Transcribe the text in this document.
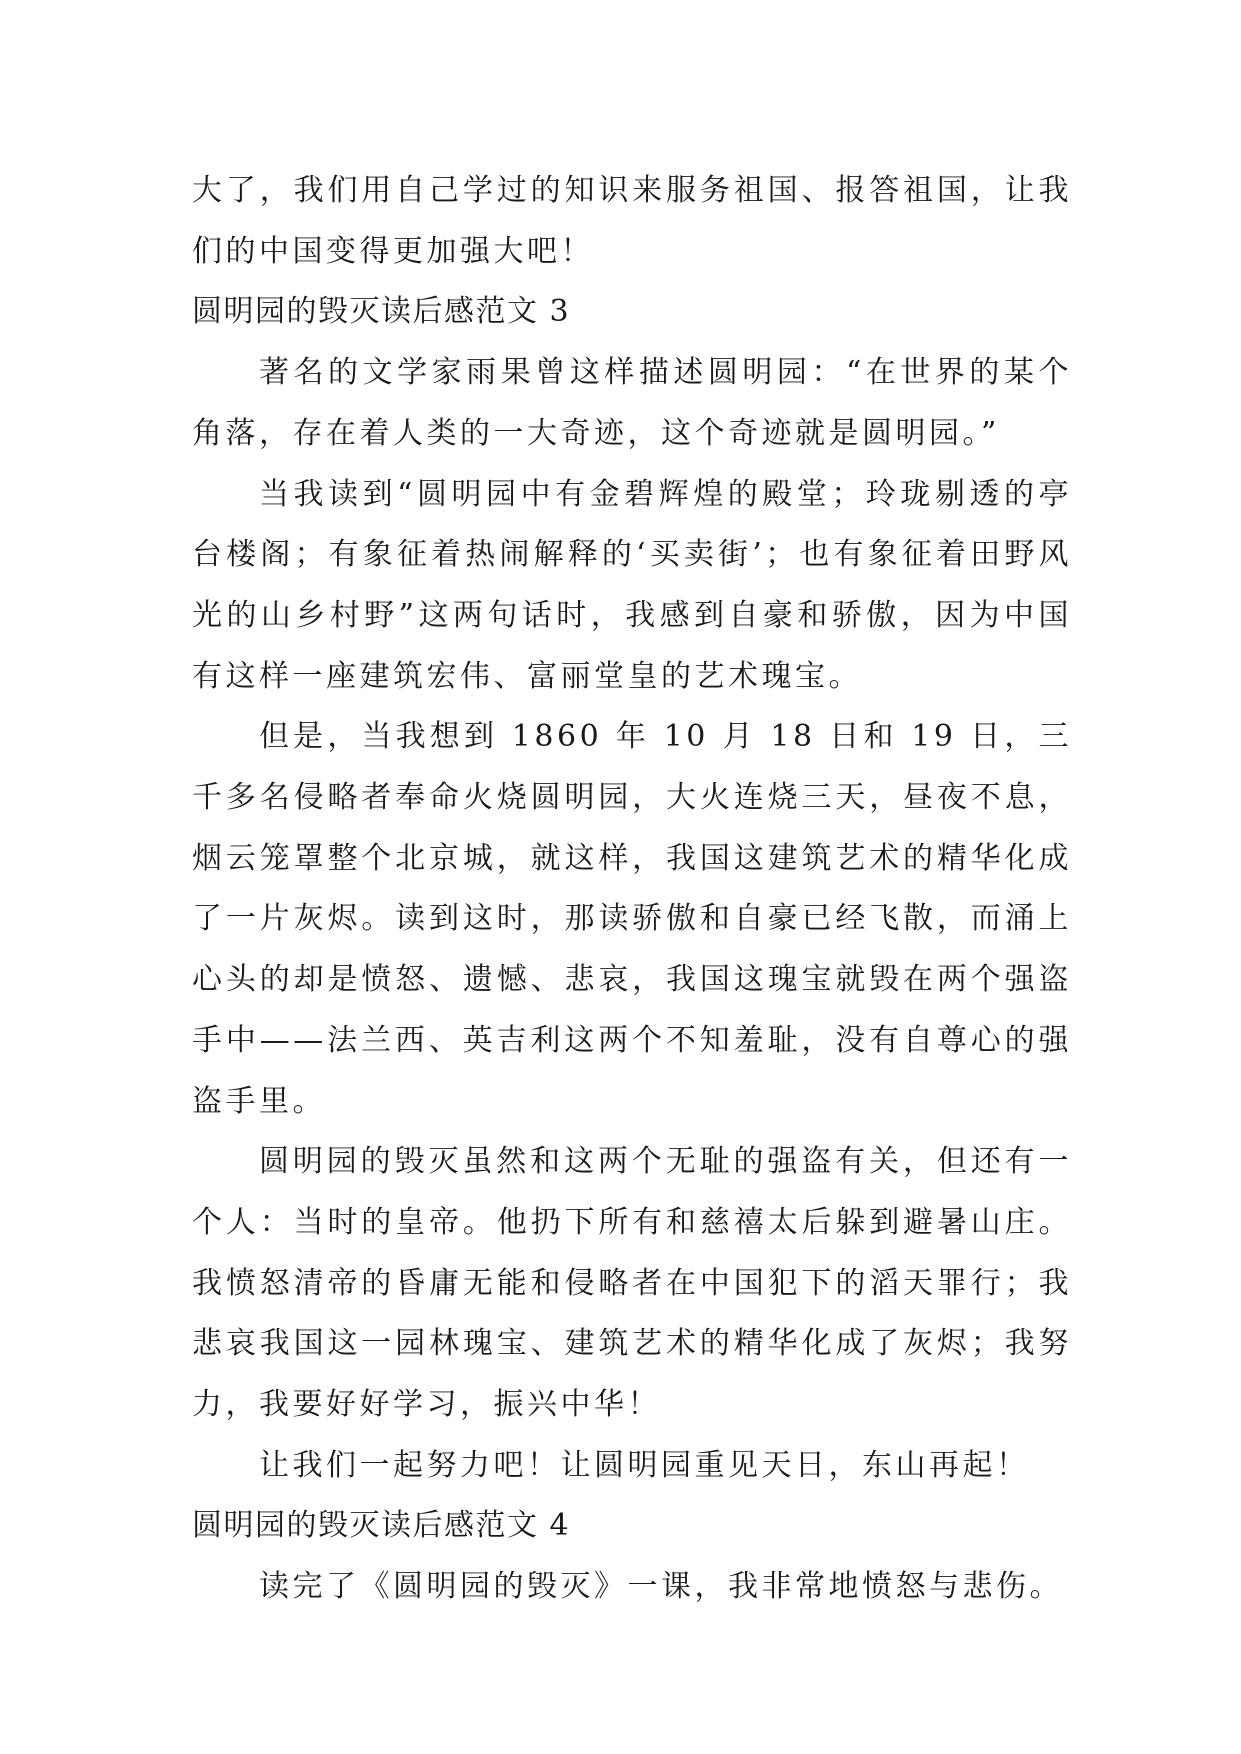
大了，我们用自己学过的知识来服务祖国、报答祖国，让我们的中国变得更加强大吧！

圆明园的毁灭读后感范文 3

著名的文学家雨果曾这样描述圆明园：“在世界的某个角落，存在着人类的一大奇迹，这个奇迹就是圆明园。”

当我读到“圆明园中有金碧辉煌的殿堂；玲珑剔透的亭台楼阁；有象征着热闹解释的‘买卖街’；也有象征着田野风光的山乡村野”这两句话时，我感到自豪和骄傲，因为中国有这样一座建筑宏伟、富丽堂皇的艺术瑰宝。

但是，当我想到 1860 年 10 月 18 日和 19 日，三千多名侵略者奉命火烧圆明园，大火连烧三天，昼夜不息，烟云笼罩整个北京城，就这样，我国这建筑艺术的精华化成了一片灰烬。读到这时，那读骄傲和自豪已经飞散，而涌上心头的却是愤怒、遗憾、悲哀，我国这瑰宝就毁在两个强盗手中——法兰西、英吉利这两个不知羞耻，没有自尊心的强盗手里。

圆明园的毁灭虽然和这两个无耻的强盗有关，但还有一个人：当时的皇帝。他扔下所有和慈禧太后躲到避暑山庄。我愤怒清帝的昏庸无能和侵略者在中国犯下的滔天罪行；我悲哀我国这一园林瑰宝、建筑艺术的精华化成了灰烬；我努力，我要好好学习，振兴中华！

让我们一起努力吧！让圆明园重见天日，东山再起！

圆明园的毁灭读后感范文 4

读完了《圆明园的毁灭》一课，我非常地愤怒与悲伤。
